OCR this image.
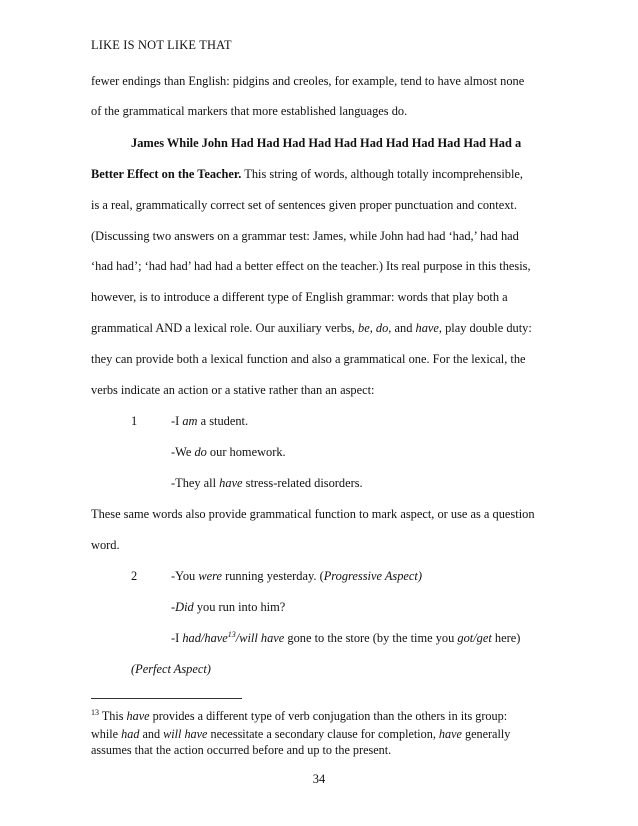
LIKE IS NOT LIKE THAT
fewer endings than English: pidgins and creoles, for example, tend to have almost none
of the grammatical markers that more established languages do.
James While John Had Had Had Had Had Had Had Had Had Had Had a
Better Effect on the Teacher. This string of words, although totally incomprehensible,
is a real, grammatically correct set of sentences given proper punctuation and context.
(Discussing two answers on a grammar test: James, while John had had ‘had,’ had had
‘had had’; ‘had had’ had had a better effect on the teacher.) Its real purpose in this thesis,
however, is to introduce a different type of English grammar: words that play both a
grammatical AND a lexical role. Our auxiliary verbs, be, do, and have, play double duty:
they can provide both a lexical function and also a grammatical one. For the lexical, the
verbs indicate an action or a stative rather than an aspect:
1	-I am a student.
-We do our homework.
-They all have stress-related disorders.
These same words also provide grammatical function to mark aspect, or use as a question
word.
2	-You were running yesterday. (Progressive Aspect)
-Did you run into him?
-I had/have$^{13}$/will have gone to the store (by the time you got/get here)
(Perfect Aspect)
$^{13}$ This have provides a different type of verb conjugation than the others in its group:
while had and will have necessitate a secondary clause for completion, have generally
assumes that the action occurred before and up to the present.
34
